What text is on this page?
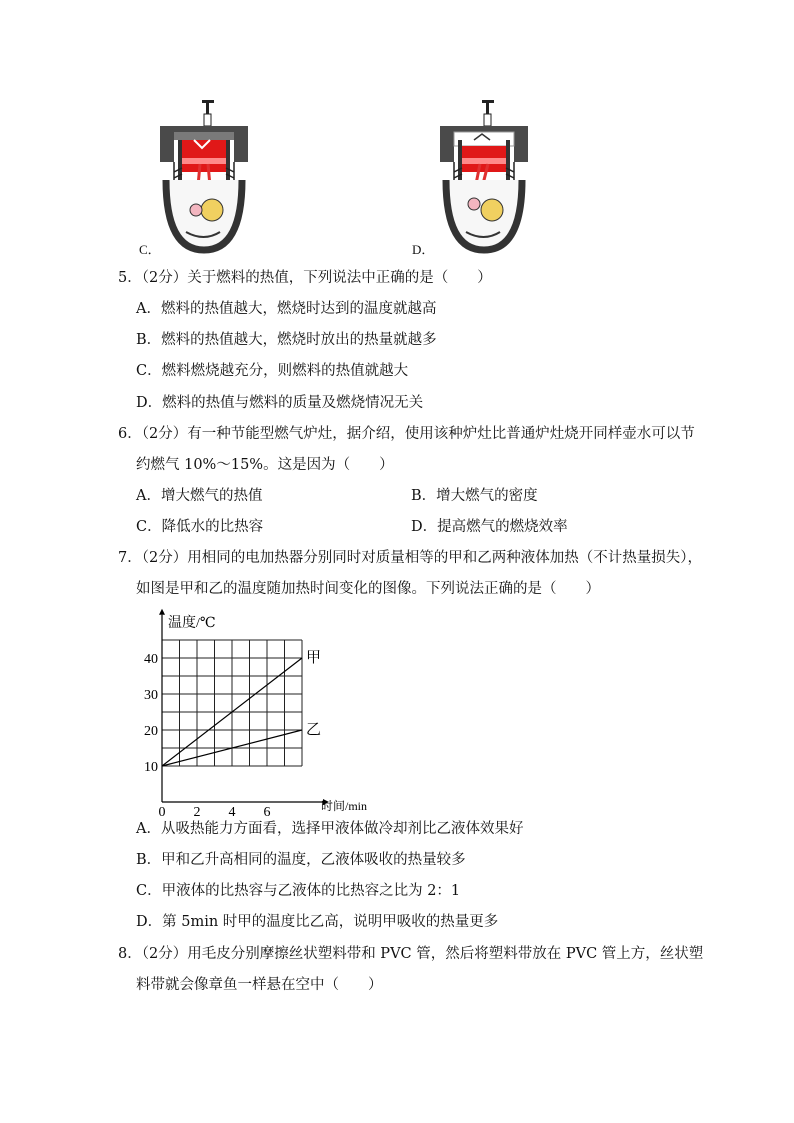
C．	D．
5．（2分）关于燃料的热值，下列说法中正确的是（　　）
A．燃料的热值越大，燃烧时达到的温度就越高
B．燃料的热值越大，燃烧时放出的热量就越多
C．燃料燃烧越充分，则燃料的热值就越大
D．燃料的热值与燃料的质量及燃烧情况无关
6．（2分）有一种节能型燃气炉灶，据介绍，使用该种炉灶比普通炉灶烧开同样壶水可以节
约燃气 10%～15%。这是因为（　　）
A．增大燃气的热值	B．增大燃气的密度
C．降低水的比热容	D．提高燃气的燃烧效率
7．（2分）用相同的电加热器分别同时对质量相等的甲和乙两种液体加热（不计热量损失），
如图是甲和乙的温度随加热时间变化的图像。下列说法正确的是（　　）
0 2 4 6
10
20
30
40
温度/℃
时间/min
甲
乙
A．从吸热能力方面看，选择甲液体做冷却剂比乙液体效果好
B．甲和乙升高相同的温度，乙液体吸收的热量较多
C．甲液体的比热容与乙液体的比热容之比为 2：1
D．第 5min 时甲的温度比乙高，说明甲吸收的热量更多
8．（2分）用毛皮分别摩擦丝状塑料带和 PVC 管，然后将塑料带放在 PVC 管上方，丝状塑
料带就会像章鱼一样悬在空中（　　）
